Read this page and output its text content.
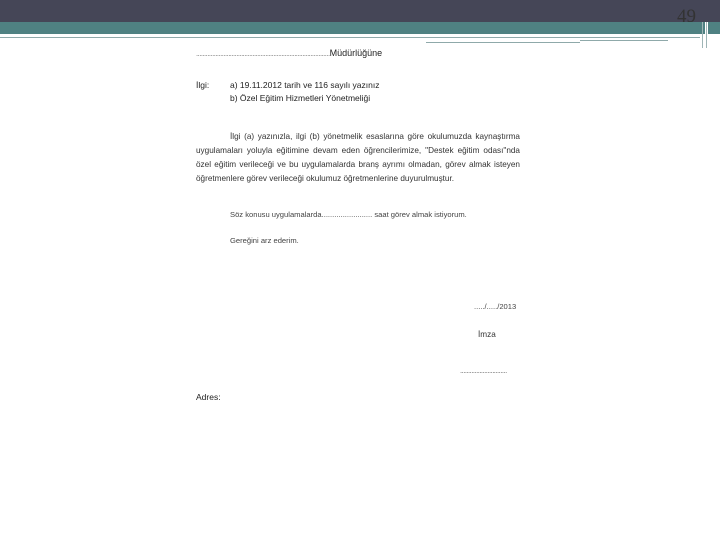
49

...................................................................................Müdürlüğüne

İlgi: a) 19.11.2012 tarih ve 116 sayılı yazınız
b) Özel Eğitim Hizmetleri Yönetmeliği

İlgi (a) yazınızla, ilgi (b) yönetmelik esaslarına göre okulumuzda kaynaştırma uygulamaları yoluyla eğitimine devam eden öğrencilerimize, "Destek eğitim odası"nda özel eğitim verileceği ve bu uygulamalarda branş ayrımı olmadan, görev almak isteyen öğretmenlere görev verileceği okulumuz öğretmenlerine duyurulmuştur.

Söz konusu uygulamalarda........................ saat görev almak istiyorum.

Gereğini arz ederim.

...../...../2013

İmza

.............................

Adres:
